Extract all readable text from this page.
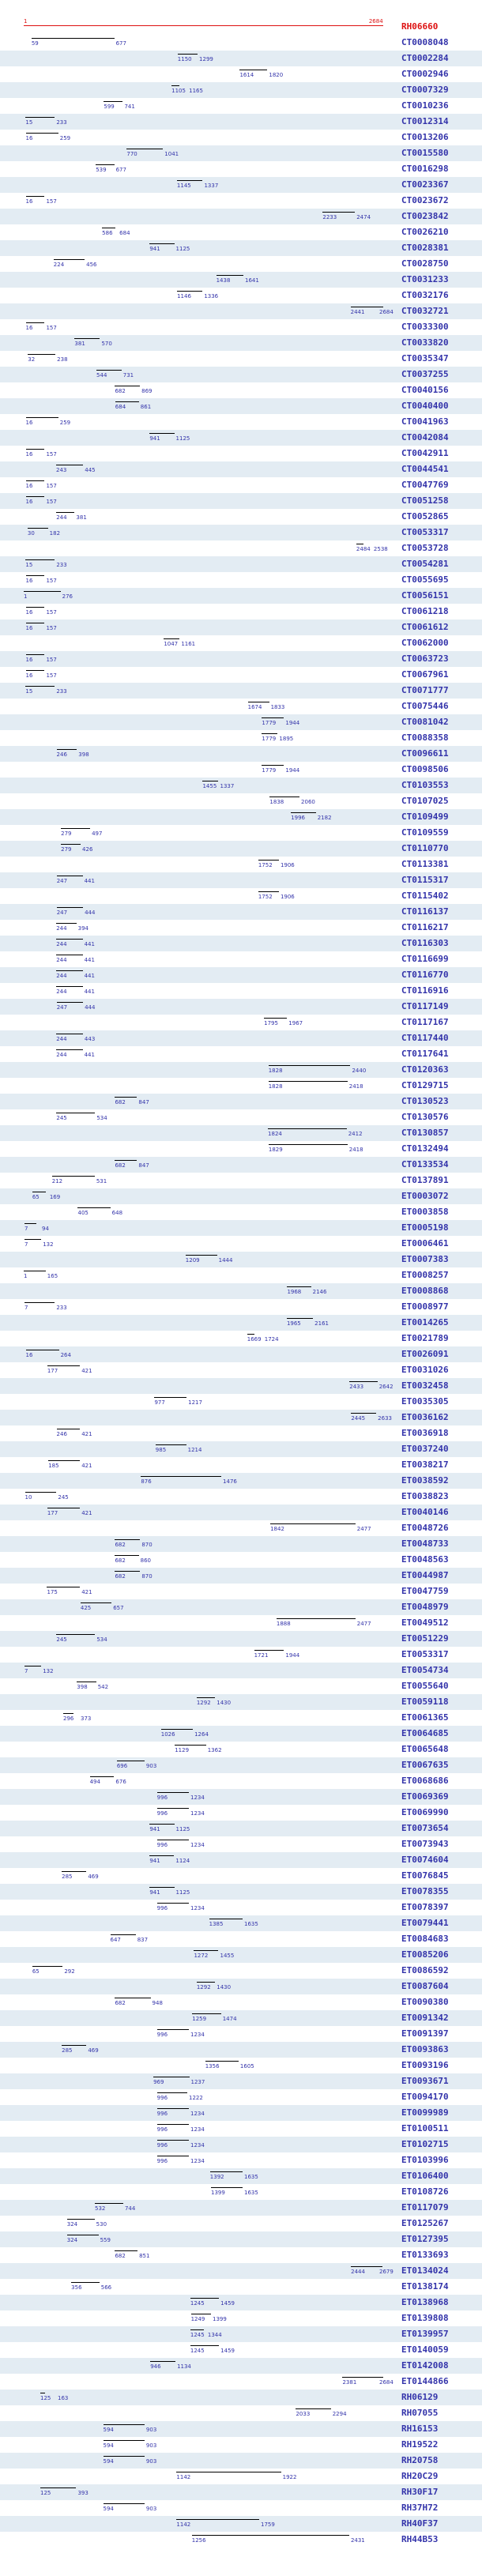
1	2684 RH06660
59	677	CT0008048
1150 1299	CT0002284
1614	1820	CT0002946
1105 1165	CT0007329
599 741	CT0010236
15	233	CT0012314
16	259	CT0013206
770	1041	CT0015580
539 677	CT0016298
1145 1337	CT0023367
16 157	CT0023672
2233	2474	CT0023842
586 684	CT0026210
941	1125	CT0028381
224	456	CT0028750
1438	1641	CT0031233
1146 1336	CT0032176
2441	2684 CT0032721
16 157	CT0033300
381	570	CT0033820
32	238	CT0035347
544	731	CT0037255
682	869	CT0040156
684	861	CT0040400
16	259	CT0041963
941	1125	CT0042084
16 157	CT0042911
243	445	CT0044541
16 157	CT0047769
16 157	CT0051258
244 381	CT0052865
30	182	CT0053317
2484 2538 CT0053728
15	233	CT0054281
16 157	CT0055695
1	276	CT0056151
16 157	CT0061218
16 157	CT0061612
1047 1161	CT0062000
16 157	CT0063723
16 157	CT0067961
15	233	CT0071777
1674 1833	CT0075446
1779 1944	CT0081042
1779 1895	CT0088358
246 398	CT0096611
1779 1944	CT0098506
1455 1337	CT0103553
1838	2060	CT0107025
1996 2182	CT0109499
279	497	CT0109559
279 426	CT0110770
1752 1906	CT0113381
247	441	CT0115317
1752 1906	CT0115402
247	444	CT0116137
244 394	CT0116217
244	441	CT0116303
244	441	CT0116699
244	441	CT0116770
244	441	CT0116916
247	444	CT0117149
1795 1967	CT0117167
244	443	CT0117440
244	441	CT0117641
1828	2440	CT0120363
1828	2418	CT0129715
682 847	CT0130523
245	534	CT0130576
1824	2412	CT0130857
1829	2418	CT0132494
682 847	CT0133534
212	531	CT0137891
65 169	ET0003072
405	648	ET0003858
7	94	ET0005198
7	132	ET0006461
1209	1444	ET0007383
1	165	ET0008257
1968 2146	ET0008868
7	233	ET0008977
1965 2161	ET0014265
1669 1724	ET0021789
16	264	ET0026091
177	421	ET0031026
2433	2642 ET0032458
977	1217	ET0035305
2445 2633 ET0036162
246	421	ET0036918
985	1214	ET0037240
185	421	ET0038217
876	1476	ET0038592
10	245	ET0038823
177	421	ET0040146
1842	2477	ET0048726
682	870	ET0048733
682	860	ET0048563
682	870	ET0044987
175	421	ET0047759
425	657	ET0048979
1888	2477	ET0049512
245	534	ET0051229
1721	1944	ET0053317
7	132	ET0054734
398 542	ET0055640
1292 1430	ET0059118
296 373	ET0061365
1026	1264	ET0064685
1129	1362	ET0065648
696	903	ET0067635
494	676	ET0068686
996	1234	ET0069369
996	1234	ET0069990
941	1125	ET0073654
996	1234	ET0073943
941	1124	ET0074604
285	469	ET0076845
941	1125	ET0078355
996	1234	ET0078397
1385	1635	ET0079441
647	837	ET0084683
1272 1455	ET0085206
65	292	ET0086592
1292 1430	ET0087604
682	948	ET0090380
1259	1474	ET0091342
996	1234	ET0091397
285	469	ET0093863
1356	1605	ET0093196
969	1237	ET0093671
996	1222	ET0094170
996	1234	ET0099989
996	1234	ET0100511
996	1234	ET0102715
996	1234	ET0103996
1392	1635	ET0106400
1399	1635	ET0108726
532	744	ET0117079
324	530	ET0125267
324	559	ET0127395
682 851	ET0133693
2444	2679 ET0134024
356	566	ET0138174
1245	1459	ET0138968
1249 1399	ET0139808
1245 1344	ET0139957
1245	1459	ET0140059
946	1134	ET0142008
2381	2684 ET0144866
125 163	RH06129
2033	2294	RH07055
594	903	RH16153
594	903	RH19522
594	903	RH20758
1142	1922	RH20C29
125	393	RH30F17
594	903	RH37H72
1142	1759	RH40F37
1256	2431	RH44B53
